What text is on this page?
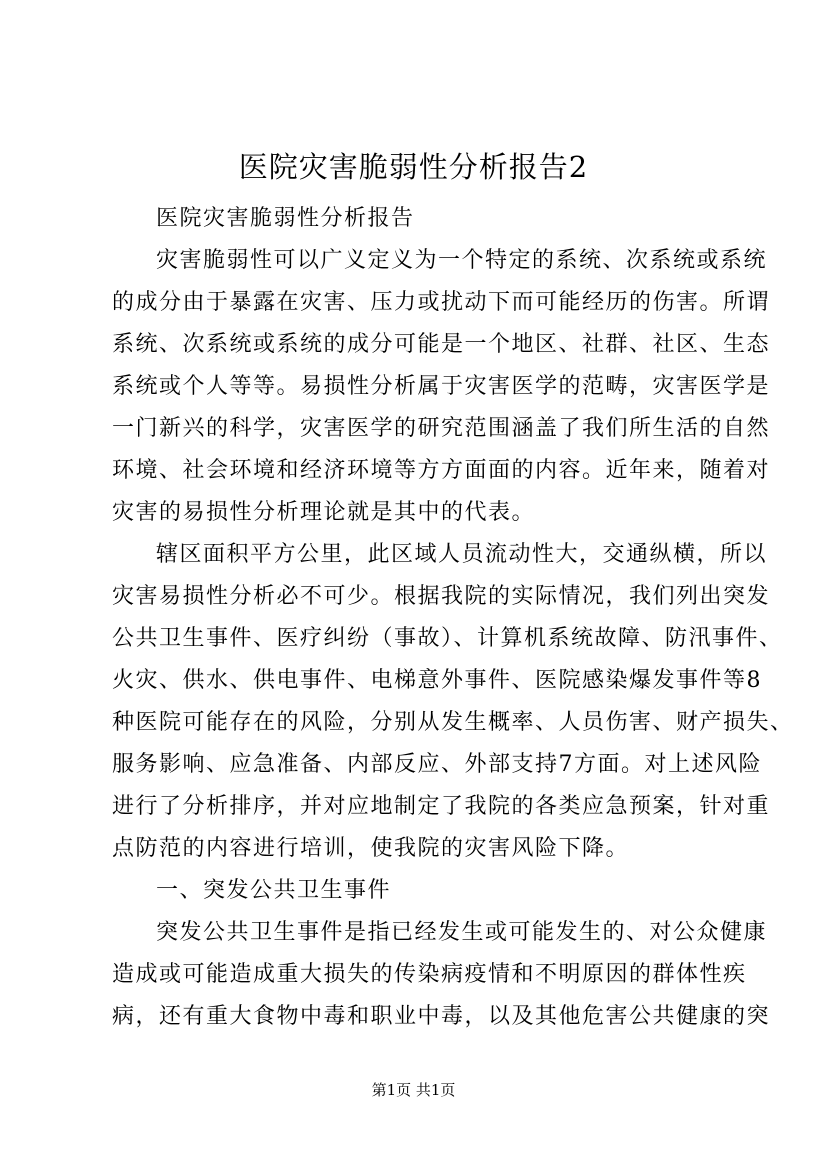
医院灾害脆弱性分析报告2
医院灾害脆弱性分析报告
灾害脆弱性可以广义定义为一个特定的系统、次系统或系统
的成分由于暴露在灾害、压力或扰动下而可能经历的伤害。所谓
系统、次系统或系统的成分可能是一个地区、社群、社区、生态
系统或个人等等。易损性分析属于灾害医学的范畴，灾害医学是
一门新兴的科学，灾害医学的研究范围涵盖了我们所生活的自然
环境、社会环境和经济环境等方方面面的内容。近年来，随着对
灾害的易损性分析理论就是其中的代表。
辖区面积平方公里，此区域人员流动性大，交通纵横，所以
灾害易损性分析必不可少。根据我院的实际情况，我们列出突发
公共卫生事件、医疗纠纷（事故）、计算机系统故障、防汛事件、
火灾、供水、供电事件、电梯意外事件、医院感染爆发事件等8
种医院可能存在的风险，分别从发生概率、人员伤害、财产损失、
服务影响、应急准备、内部反应、外部支持7方面。对上述风险
进行了分析排序，并对应地制定了我院的各类应急预案，针对重
点防范的内容进行培训，使我院的灾害风险下降。
一、突发公共卫生事件
突发公共卫生事件是指已经发生或可能发生的、对公众健康
造成或可能造成重大损失的传染病疫情和不明原因的群体性疾
病，还有重大食物中毒和职业中毒，以及其他危害公共健康的突
第1页 共1页
